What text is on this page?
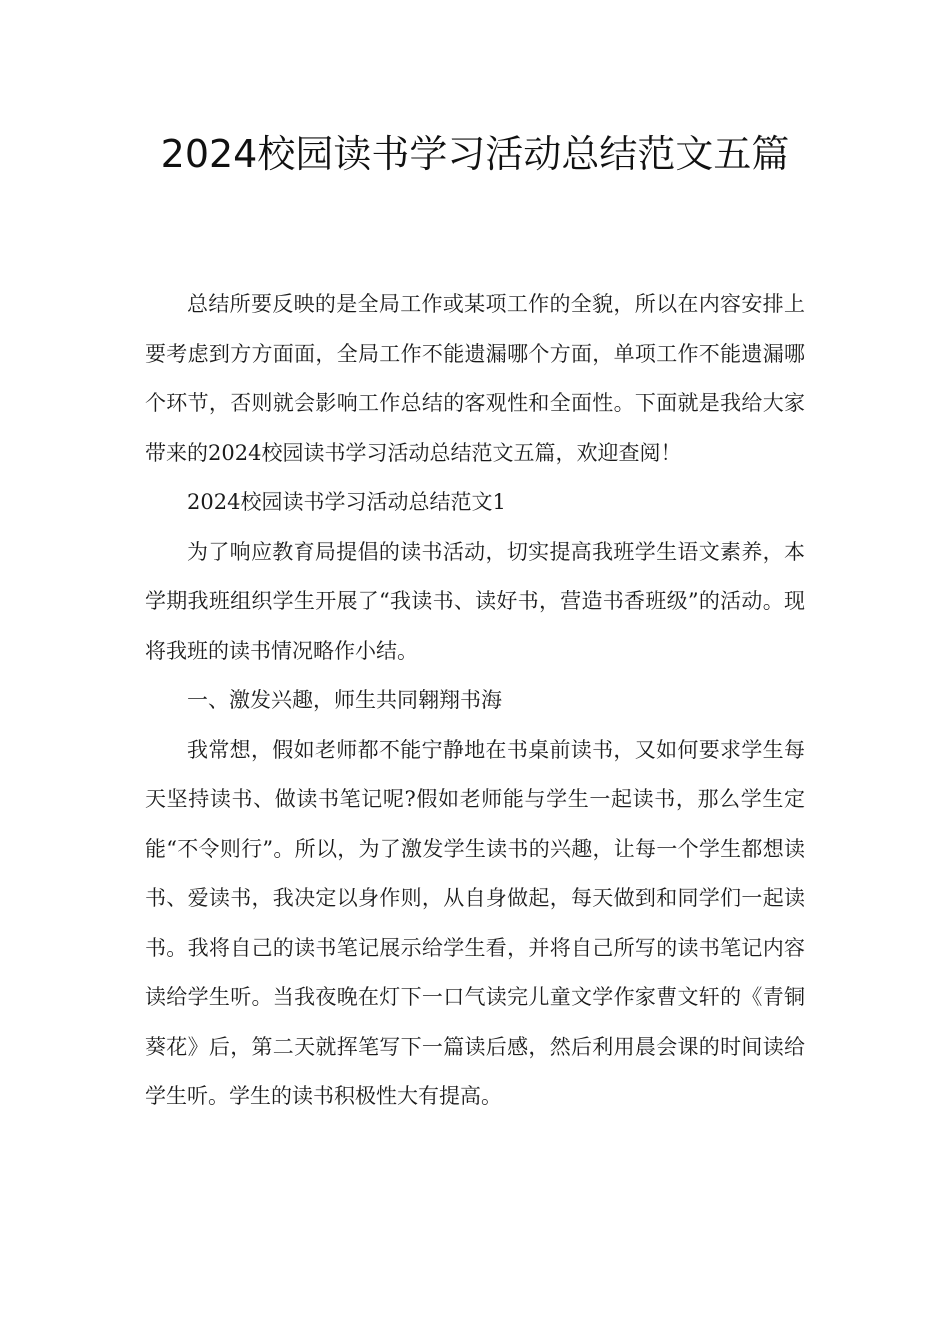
2024校园读书学习活动总结范文五篇

总结所要反映的是全局工作或某项工作的全貌，所以在内容安排上要考虑到方方面面，全局工作不能遗漏哪个方面，单项工作不能遗漏哪个环节，否则就会影响工作总结的客观性和全面性。下面就是我给大家带来的2024校园读书学习活动总结范文五篇，欢迎查阅！

2024校园读书学习活动总结范文1

为了响应教育局提倡的读书活动，切实提高我班学生语文素养，本学期我班组织学生开展了“我读书、读好书，营造书香班级”的活动。现将我班的读书情况略作小结。

一、激发兴趣，师生共同翱翔书海

我常想，假如老师都不能宁静地在书桌前读书，又如何要求学生每天坚持读书、做读书笔记呢?假如老师能与学生一起读书，那么学生定能“不令则行”。所以，为了激发学生读书的兴趣，让每一个学生都想读书、爱读书，我决定以身作则，从自身做起，每天做到和同学们一起读书。我将自己的读书笔记展示给学生看，并将自己所写的读书笔记内容读给学生听。当我夜晚在灯下一口气读完儿童文学作家曹文轩的《青铜葵花》后，第二天就挥笔写下一篇读后感，然后利用晨会课的时间读给学生听。学生的读书积极性大有提高。
